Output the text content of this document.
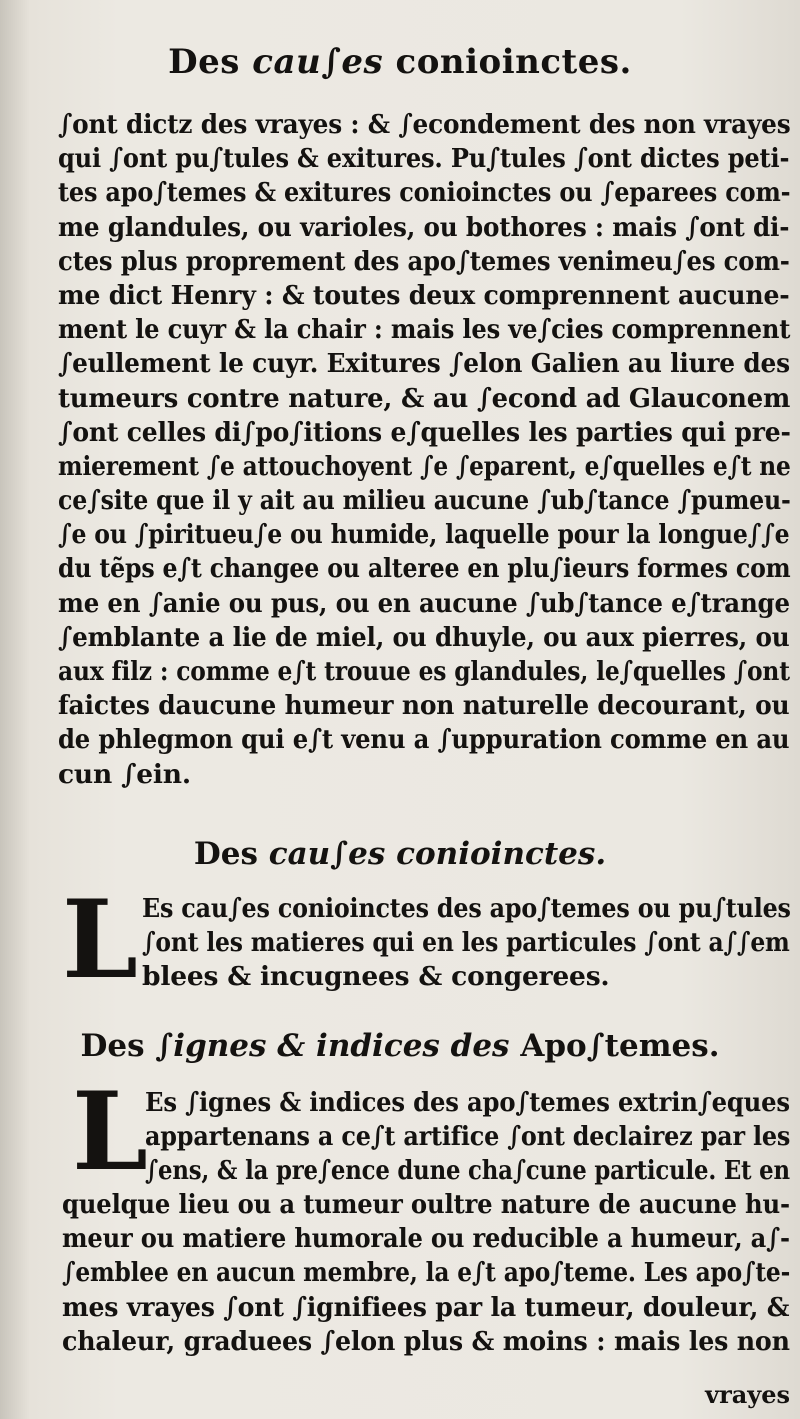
Des cau∫es conioinctes.
∫ont dictz des vrayes : & ∫econdement des non vrayes
qui ∫ont pu∫tules & exitures. Pu∫tules ∫ont dictes peti-
tes apo∫temes & exitures conioinctes ou ∫eparees com-
me glandules, ou varioles, ou bothores : mais ∫ont di-
ctes plus proprement des apo∫temes venimeu∫es com-
me dict Henry : & toutes deux comprennent aucune-
ment le cuyr & la chair : mais les ve∫cies comprennent
∫eullement le cuyr. Exitures ∫elon Galien au liure des
tumeurs contre nature, & au ∫econd ad Glauconem
∫ont celles di∫po∫itions e∫quelles les parties qui pre-
mierement ∫e attouchoyent ∫e ∫eparent, e∫quelles e∫t ne
ce∫site que il y ait au milieu aucune ∫ub∫tance ∫pumeu-
∫e ou ∫piritueu∫e ou humide, laquelle pour la longue∫∫e
du tẽps e∫t changee ou alteree en plu∫ieurs formes com
me en ∫anie ou pus, ou en aucune ∫ub∫tance e∫trange
∫emblante a lie de miel, ou dhuyle, ou aux pierres, ou
aux filz : comme e∫t trouue es glandules, le∫quelles ∫ont
faictes daucune humeur non naturelle decourant, ou
de phlegmon qui e∫t venu a ∫uppuration comme en au
cun ∫ein.
Des cau∫es conioinctes.
L Es cau∫es conioinctes des apo∫temes ou pu∫tules
∫ont les matieres qui en les particules ∫ont a∫∫em
blees & incugnees & congerees.
Des ∫ignes & indices des Apo∫temes.
L
Es ∫ignes & indices des apo∫temes extrin∫eques
appartenans a ce∫t artifice ∫ont declairez par les
∫ens, & la pre∫ence dune cha∫cune particule. Et en
quelque lieu ou a tumeur oultre nature de aucune hu-
meur ou matiere humorale ou reducible a humeur, a∫-
∫emblee en aucun membre, la e∫t apo∫teme. Les apo∫te-
mes vrayes ∫ont ∫ignifiees par la tumeur, douleur, &
chaleur, graduees ∫elon plus & moins : mais les non
vrayes
